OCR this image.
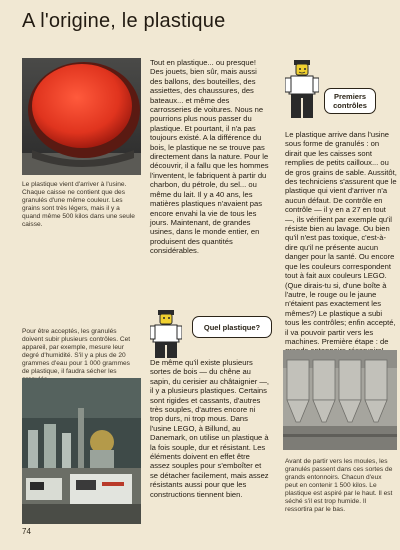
A l'origine, le plastique
Le plastique vient d'arriver à l'usine. Chaque caisse ne contient que des granulés d'une même couleur. Les grains sont très légers, mais il y a quand même 500 kilos dans une seule caisse.
Tout en plastique... ou presque! Des jouets, bien sûr, mais aussi des ballons, des bouteilles, des assiettes, des chaussures, des bateaux... et même des carrosseries de voitures. Nous ne pourrions plus nous passer du plastique. Et pourtant, il n'a pas toujours existé. A la différence du bois, le plastique ne se trouve pas directement dans la nature. Pour le découvrir, il a fallu que les hommes l'inventent, le fabriquent à partir du charbon, du pétrole, du sel... ou même du lait. Il y a 40 ans, les matières plastiques n'avaient pas encore envahi la vie de tous les jours. Maintenant, de grandes usines, dans le monde entier, en produisent des quantités considérables.
Premiers contrôles
Le plastique arrive dans l'usine sous forme de granulés : on dirait que les caisses sont remplies de petits cailloux... ou de gros grains de sable. Aussitôt, des techniciens s'assurent que le plastique qui vient d'arriver n'a aucun défaut. De contrôle en contrôle — il y en a 27 en tout —, ils vérifient par exemple qu'il résiste bien au lavage. Ou bien qu'il n'est pas toxique, c'est-à-dire qu'il ne présente aucun danger pour la santé. Ou encore que les couleurs correspondent tout à fait aux couleurs LEGO. (Que dirais-tu si, d'une boîte à l'autre, le rouge ou le jaune n'étaient pas exactement les mêmes?) Le plastique a subi tous les contrôles; enfin accepté, il va pouvoir partir vers les machines. Première étape : de
Pour être acceptés, les granulés doivent subir plusieurs contrôles. Cet appareil, par exemple, mesure leur degré d'humidité. S'il y a plus de 20 grammes d'eau pour 1 000 grammes de plastique, il faudra sécher les
Quel plastique?
De même qu'il existe plusieurs sortes de bois — du chêne au sapin, du cerisier au châtaignier —, il y a plusieurs plastiques. Certains sont rigides et cassants, d'autres très souples, d'autres encore ni trop durs, ni trop mous. Dans l'usine LEGO, à Billund, au Danemark, on utilise un plastique à la fois souple, dur et résistant. Les éléments doivent en effet être assez souples pour s'emboîter et se détacher facilement, mais assez résistants aussi pour que les constructions tiennent bien.
Avant de partir vers les moules, les granulés passent dans ces sortes de grands entonnoirs. Chacun d'eux peut en contenir 1 500 kilos. Le plastique est aspiré par le haut. Il est séché s'il est trop humide. Il ressortira par le bas.
74
